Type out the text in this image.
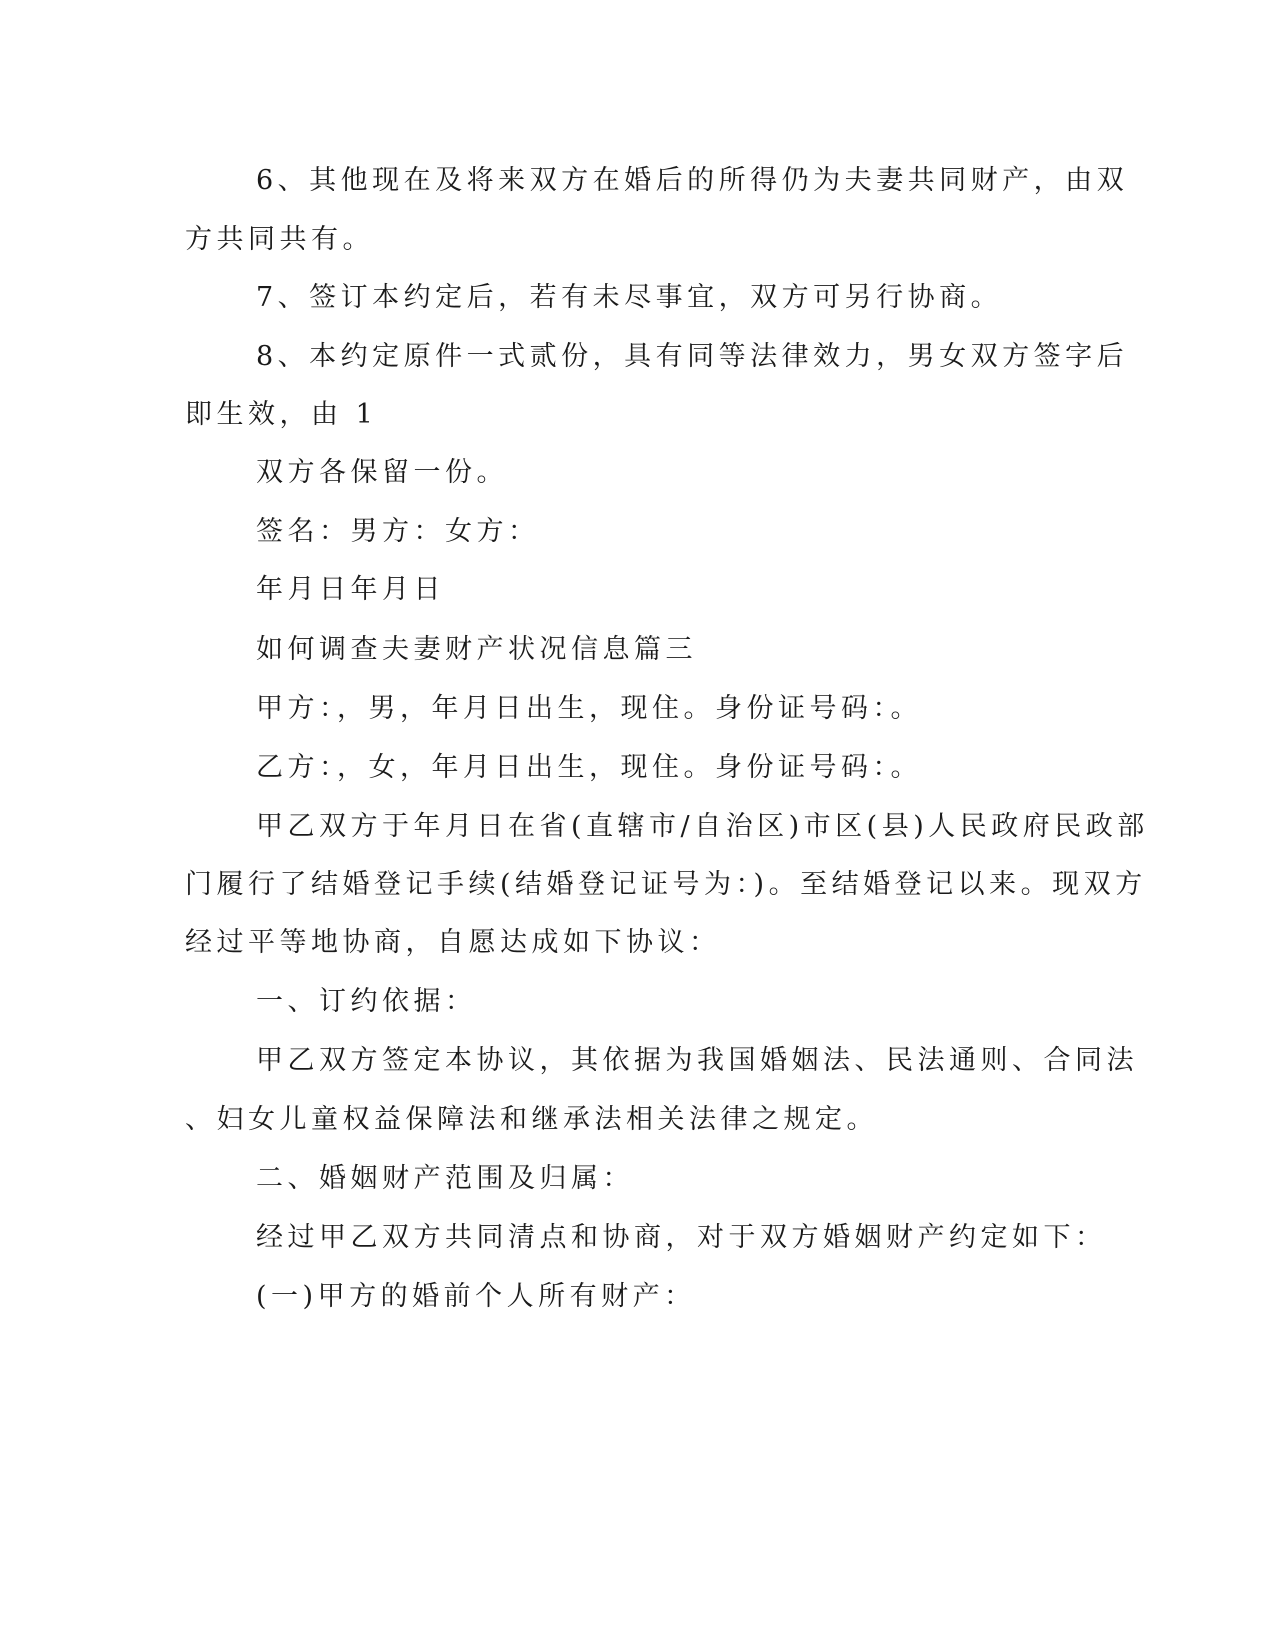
6、其他现在及将来双方在婚后的所得仍为夫妻共同财产，由双
方共同共有。
7、签订本约定后，若有未尽事宜，双方可另行协商。
8、本约定原件一式贰份，具有同等法律效力，男女双方签字后
即生效，由 1
双方各保留一份。
签名：男方：女方：
年月日年月日
如何调查夫妻财产状况信息篇三
甲方：，男，年月日出生，现住。身份证号码：。
乙方：，女，年月日出生，现住。身份证号码：。
甲乙双方于年月日在省(直辖市/自治区)市区(县)人民政府民政部
门履行了结婚登记手续(结婚登记证号为：)。至结婚登记以来。现双方
经过平等地协商，自愿达成如下协议：
一、订约依据：
甲乙双方签定本协议，其依据为我国婚姻法、民法通则、合同法
、妇女儿童权益保障法和继承法相关法律之规定。
二、婚姻财产范围及归属：
经过甲乙双方共同清点和协商，对于双方婚姻财产约定如下：
(一)甲方的婚前个人所有财产：
